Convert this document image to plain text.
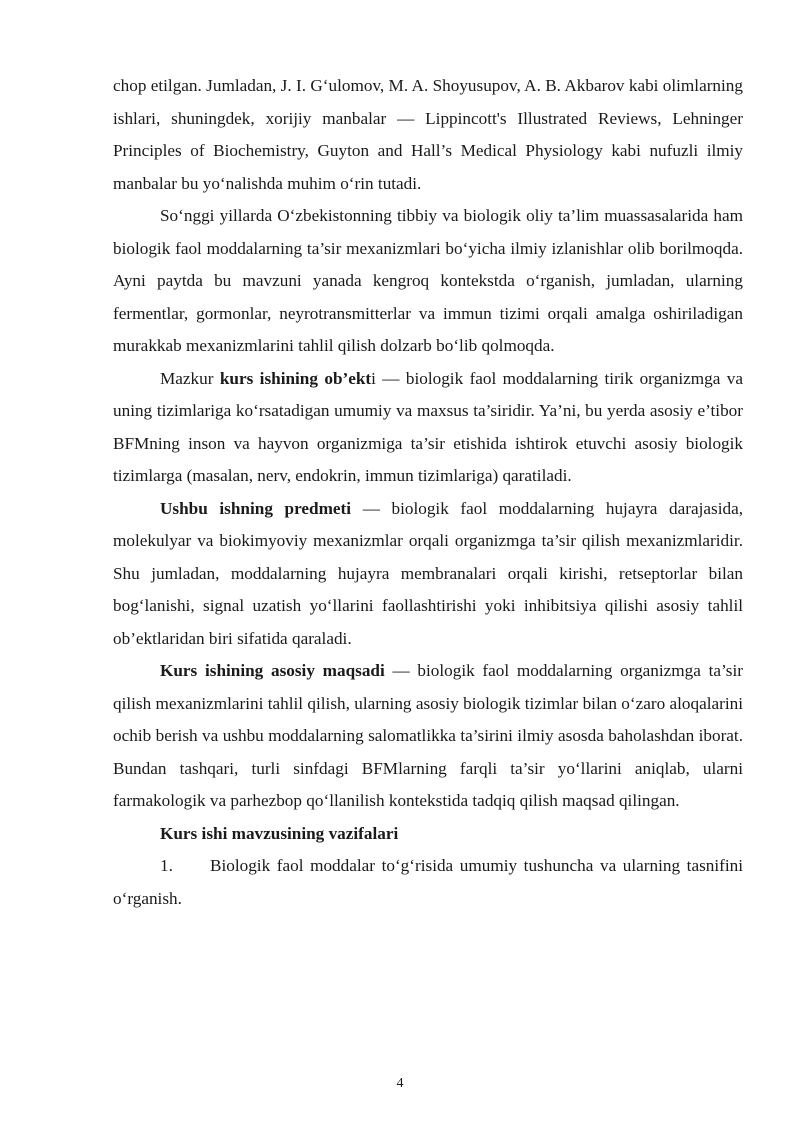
chop etilgan. Jumladan, J. I. G‘ulomov, M. A. Shoyusupov, A. B. Akbarov kabi olimlarning ishlari, shuningdek, xorijiy manbalar — Lippincott's Illustrated Reviews, Lehninger Principles of Biochemistry, Guyton and Hall’s Medical Physiology kabi nufuzli ilmiy manbalar bu yo‘nalishda muhim o‘rin tutadi.

So‘nggi yillarda O‘zbekistonning tibbiy va biologik oliy ta’lim muassasalarida ham biologik faol moddalarning ta’sir mexanizmlari bo‘yicha ilmiy izlanishlar olib borilmoqda. Ayni paytda bu mavzuni yanada kengroq kontekstda o‘rganish, jumladan, ularning fermentlar, gormonlar, neyrotransmitterlar va immun tizimi orqali amalga oshiriladigan murakkab mexanizmlarini tahlil qilish dolzarb bo‘lib qolmoqda.

Mazkur kurs ishining ob’ekti — biologik faol moddalarning tirik organizmga va uning tizimlariga ko‘rsatadigan umumiy va maxsus ta’siridir. Ya’ni, bu yerda asosiy e’tibor BFMning inson va hayvon organizmiga ta’sir etishida ishtirok etuvchi asosiy biologik tizimlarga (masalan, nerv, endokrin, immun tizimlariga) qaratiladi.

Ushbu ishning predmeti — biologik faol moddalarning hujayra darajasida, molekulyar va biokimyoviy mexanizmlar orqali organizmga ta’sir qilish mexanizmlaridir. Shu jumladan, moddalarning hujayra membranalari orqali kirishi, retseptorlar bilan bog‘lanishi, signal uzatish yo‘llarini faollashtirishi yoki inhibitsiya qilishi asosiy tahlil ob’ektlaridan biri sifatida qaraladi.

Kurs ishining asosiy maqsadi — biologik faol moddalarning organizmga ta’sir qilish mexanizmlarini tahlil qilish, ularning asosiy biologik tizimlar bilan o‘zaro aloqalarini ochib berish va ushbu moddalarning salomatlikka ta’sirini ilmiy asosda baholashdan iborat. Bundan tashqari, turli sinfdagi BFMlarning farqli ta’sir yo‘llarini aniqlab, ularni farmakologik va parhezbop qo‘llanilish kontekstida tadqiq qilish maqsad qilingan.

Kurs ishi mavzusining vazifalari

1. Biologik faol moddalar to‘g‘risida umumiy tushuncha va ularning tasnifini o‘rganish.

4
